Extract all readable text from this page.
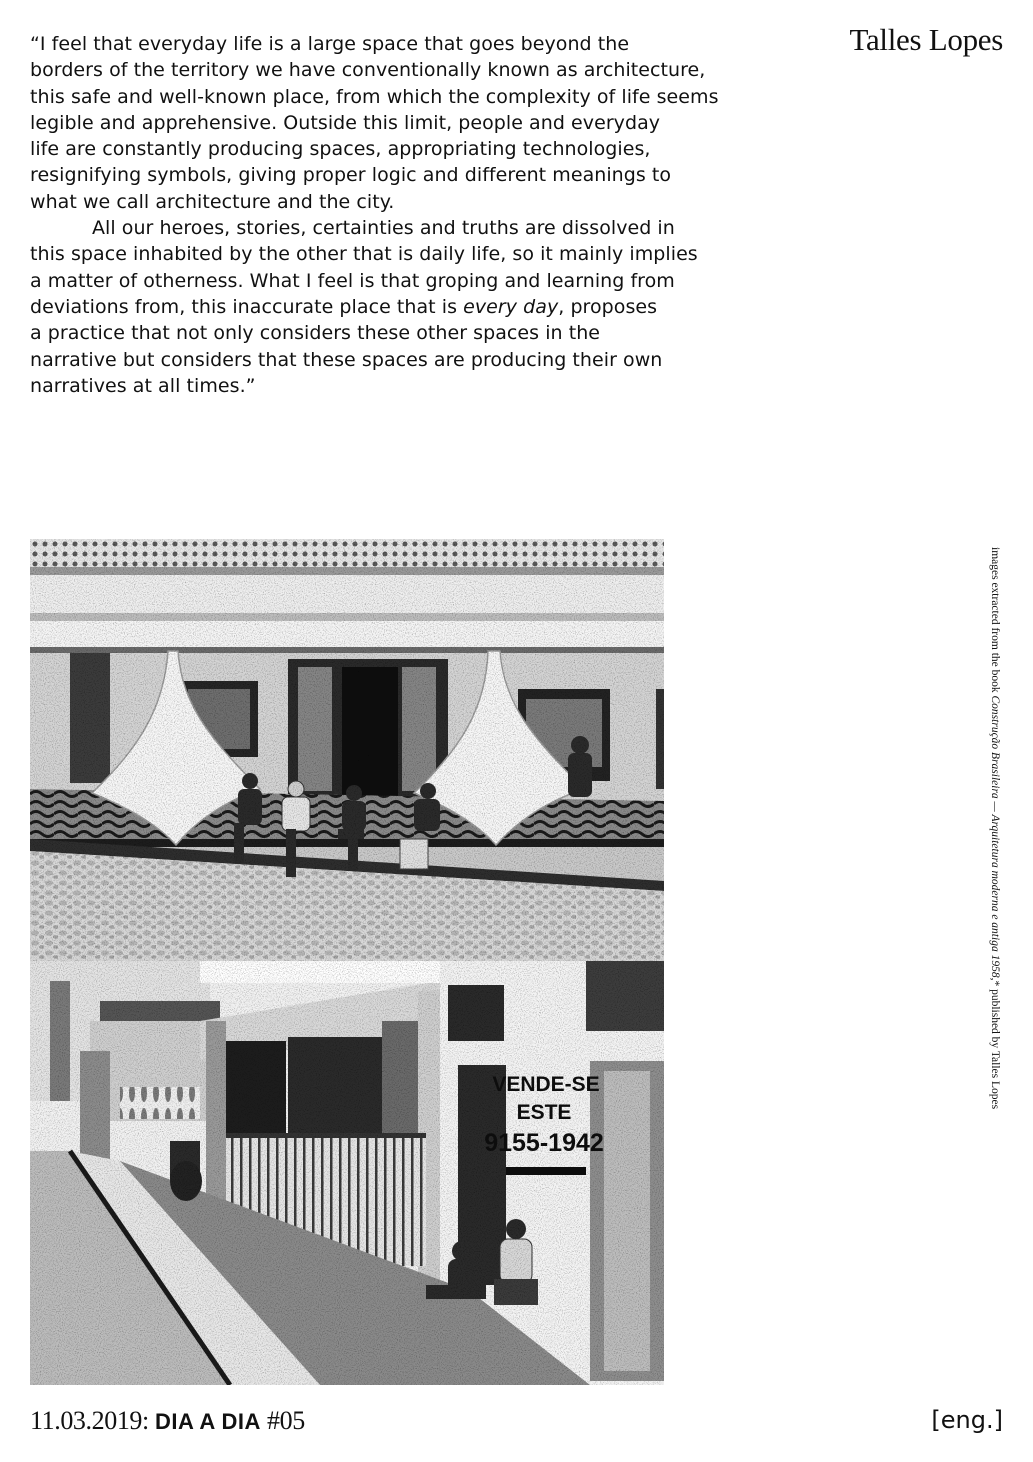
“I feel that everyday life is a large space that goes beyond the
borders of the territory we have conventionally known as architecture,
this safe and well-known place, from which the complexity of life seems
legible and apprehensive. Outside this limit, people and everyday
life are constantly producing spaces, appropriating technologies,
resignifying symbols, giving proper logic and different meanings to
what we call architecture and the city.
All our heroes, stories, certainties and truths are dissolved in
this space inhabited by the other that is daily life, so it mainly implies
a matter of otherness. What I feel is that groping and learning from
deviations from, this inaccurate place that is every day, proposes
a practice that not only considers these other spaces in the
narrative but considers that these spaces are producing their own
narratives at all times.”
Talles Lopes
VENDE-SE
ESTE
9155-1942
images extracted from the book Construção Brasileira — Arquitetura moderna e antiga 1958,* published by Talles Lopes
11.03.2019: DIA A DIA #05	[eng.]
